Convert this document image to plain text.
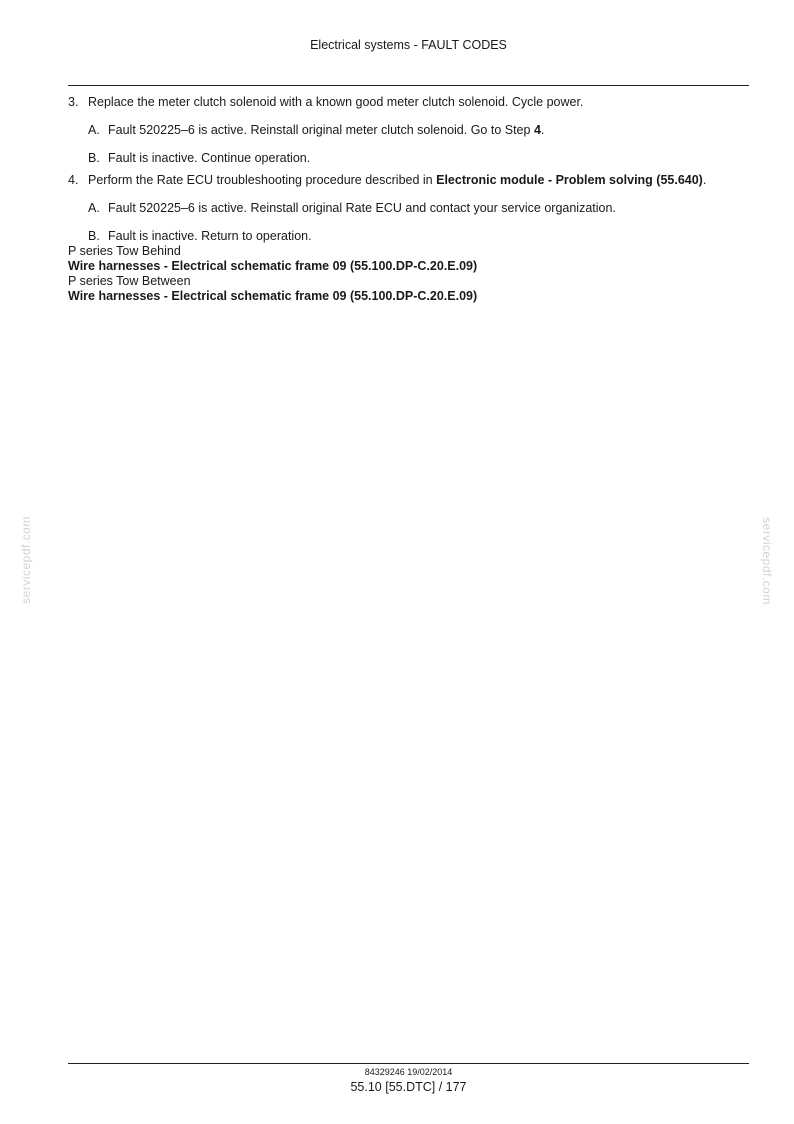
Electrical systems - FAULT CODES
3. Replace the meter clutch solenoid with a known good meter clutch solenoid. Cycle power.
A. Fault 520225–6 is active. Reinstall original meter clutch solenoid. Go to Step 4.
B. Fault is inactive. Continue operation.
4. Perform the Rate ECU troubleshooting procedure described in Electronic module - Problem solving (55.640).
A. Fault 520225–6 is active. Reinstall original Rate ECU and contact your service organization.
B. Fault is inactive. Return to operation.
P series Tow Behind
Wire harnesses - Electrical schematic frame 09 (55.100.DP-C.20.E.09)
P series Tow Between
Wire harnesses - Electrical schematic frame 09 (55.100.DP-C.20.E.09)
servicepdf.com	servicepdf.com
84329246 19/02/2014
55.10 [55.DTC] / 177
